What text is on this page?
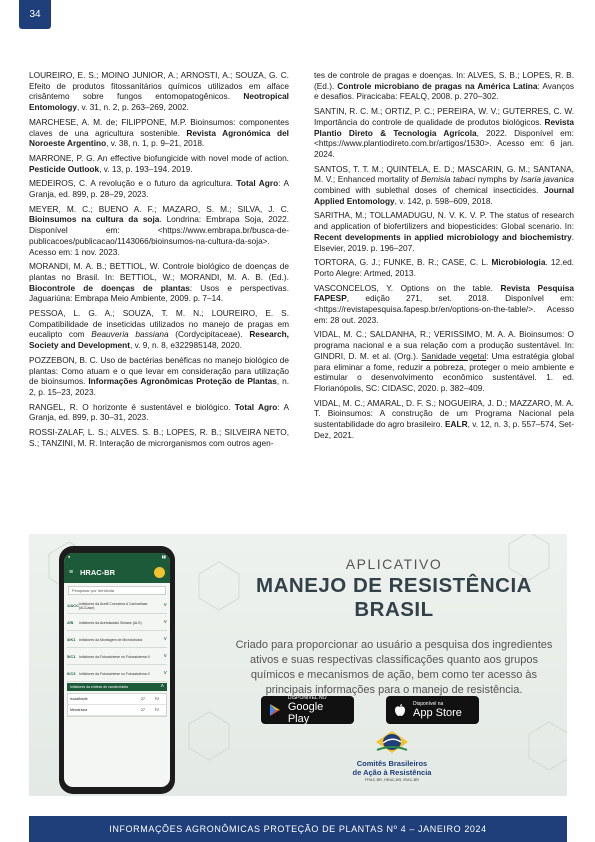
34

LOUREIRO, E. S.; MOINO JUNIOR, A.; ARNOSTI, A.; SOUZA, G. C. Efeito de produtos fitossanitários químicos utilizados em alface crisântemo sobre fungos entomopatogênicos. Neotropical Entomology, v. 31, n. 2, p. 263–269, 2002.

MARCHESE, A. M. de; FILIPPONE, M.P. Bioinsumos: componentes claves de una agricultura sostenible. Revista Agronómica del Noroeste Argentino, v. 38, n. 1, p. 9–21, 2018.

MARRONE, P. G. An effective biofungicide with novel mode of action. Pesticide Outlook, v. 13, p. 193–194. 2019.

MEDEIROS, C. A revolução e o futuro da agricultura. Total Agro: A Granja, ed. 899, p. 28–29, 2023.

MEYER, M. C.; BUENO A. F.; MAZARO, S. M.; SILVA, J. C. Bioinsumos na cultura da soja. Londrina: Embrapa Soja, 2022. Disponível em: <https://www.embrapa.br/busca-de-publicacoes/publicacao/1143066/bioinsumos-na-cultura-da-soja>. Acesso em: 1 nov. 2023.

MORANDI, M. A. B.; BETTIOL, W. Controle biológico de doenças de plantas no Brasil. In: BETTIOL, W.; MORANDI, M. A. B. (Ed.). Biocontrole de doenças de plantas: Usos e perspectivas. Jaguariúna: Embrapa Meio Ambiente, 2009. p. 7–14.

PESSOA, L. G. A.; SOUZA, T. M. N.; LOUREIRO, E. S. Compatibilidade de inseticidas utilizados no manejo de pragas em eucalipto com Beauveria bassiana (Cordycipitaceae). Research, Society and Development, v. 9, n. 8, e322985148, 2020.

POZZEBON, B. C. Uso de bactérias benéficas no manejo biológico de plantas: Como atuam e o que levar em consideração para utilização de bioinsumos. Informações Agronômicas Proteção de Plantas, n. 2, p. 15–23, 2023.

RANGEL, R. O horizonte é sustentável e biológico. Total Agro: A Granja, ed. 899, p. 30–31, 2023.

ROSSI-ZALAF, L. S.; ALVES. S. B.; LOPES, R. B.; SILVEIRA NETO, S.; TANZINI, M. R. Interação de microrganismos com outros agen-

tes de controle de pragas e doenças. In: ALVES, S. B.; LOPES, R. B. (Ed.). Controle microbiano de pragas na América Latina: Avanços e desafios. Piracicaba: FEALQ, 2008. p. 270–302.

SANTIN, R. C. M.; ORTIZ, P. C.; PEREIRA, W. V.; GUTERRES, C. W. Importância do controle de qualidade de produtos biológicos. Revista Plantio Direto & Tecnologia Agrícola, 2022. Disponível em: <https://www.plantiodireto.com.br/artigos/1530>. Acesso em: 6 jan. 2024.

SANTOS, T. T. M.; QUINTELA, E. D.; MASCARIN, G. M.; SANTANA, M. V.; Enhanced mortality of Bemisia tabaci nymphs by Isaria javanica combined with sublethal doses of chemical insecticides. Journal Applied Entomology, v. 142, p. 598–609, 2018.

SARITHA, M.; TOLLAMADUGU, N. V. K. V. P. The status of research and application of biofertilizers and biopesticides: Global scenario. In: Recent developments in applied microbiology and biochemistry. Elsevier, 2019. p. 196–207.

TORTORA, G. J.; FUNKE, B. R.; CASE, C. L. Microbiologia. 12.ed. Porto Alegre: Artmed, 2013.

VASCONCELOS, Y. Options on the table. Revista Pesquisa FAPESP, edição 271, set. 2018. Disponível em: <https://revistapesquisa.fapesp.br/en/options-on-the-table/>. Acesso em: 28 out. 2023.

VIDAL, M. C.; SALDANHA, R.; VERISSIMO, M. A. A. Bioinsumos: O programa nacional e a sua relação com a produção sustentável. In: GINDRI, D. M. et al. (Org.). Sanidade vegetal: Uma estratégia global para eliminar a fome, reduzir a pobreza, proteger o meio ambiente e estimular o desenvolvimento econômico sustentável. 1. ed. Florianópolis, SC: CIDASC, 2020. p. 382–409.

VIDAL, M. C.; AMARAL, D. F. S.; NOGUEIRA, J. D.; MAZZARO, M. A. T. Bioinsumos: A construção de um Programa Nacional pela sustentabilidade do agro brasileiro. EALR, v. 12, n. 3, p. 557–574, Set-Dez, 2021.

●	▮▮
≡ HRAC-BR
Pesquisar por herbicida
1/ACC Inibidores da Acetil Coenzima A Carboxilase (ACCase)	˅
2/B	Inibidores da Acetolactato Sintase (ALS)	˅
3/K1	Inibidores da Montagem de Microtúbulos	˅
5/C1	Inibidores da Fotossíntese no Fotossistema II	˅
6/C3	Inibidores da Fotossíntese no Fotossistema II	˅
Inibidores da síntese de carotenóides	˄
Isoxaflutole	27	F2
Mesotriona	27	F2
APLICATIVO
MANEJO DE RESISTÊNCIA BRASIL
Criado para proporcionar ao usuário a pesquisa dos ingredientes ativos e suas respectivas classificações quanto aos grupos químicos e mecanismos de ação, bem como ter acesso às principais informações para o manejo de resistência.
DISPONÍVEL NO
Google Play
Disponível na
App Store
Comitês Brasileiros
de Ação à Resistência
FRAC-BR, HRAC-BR, IRAC-BR
INFORMAÇÕES AGRONÔMICAS PROTEÇÃO DE PLANTAS Nº 4 – JANEIRO 2024
